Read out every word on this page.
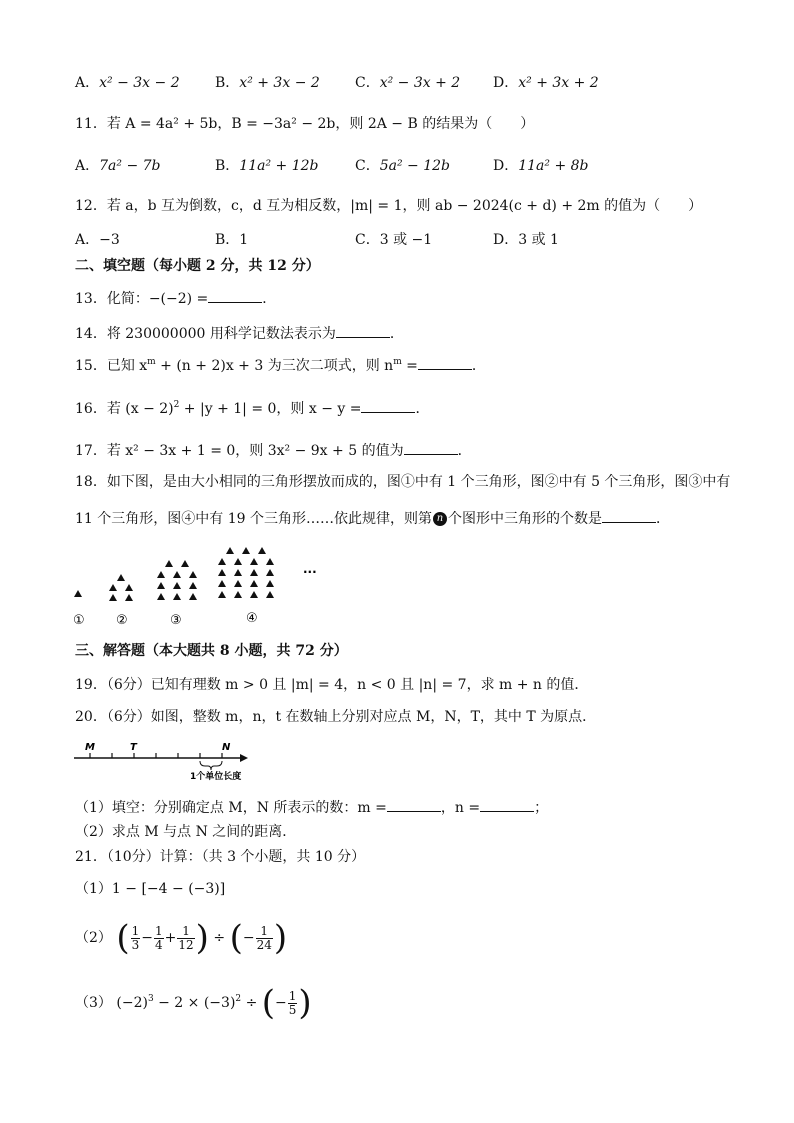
A．x² − 3x − 2	B．x² + 3x − 2	C．x² − 3x + 2 D．x² + 3x + 2
11．若 A = 4a² + 5b，B = −3a² − 2b，则 2A − B 的结果为（　　）
A．7a² − 7b	B．11a² + 12b	C．5a² − 12b	D．11a² + 8b
12．若 a，b 互为倒数，c，d 互为相反数，|m| = 1，则 ab − 2024(c + d) + 2m 的值为（　　）
A．−3	B．1	C．3 或 −1	D．3 或 1
二、填空题（每小题 2 分，共 12 分）
13．化简：−(−2) =	．
14．将 230000000 用科学记数法表示为	．
15．已知 $x^m + (n + 2)x + 3$ 为三次二项式，则 $n^m$ =	．
16．若 $(x - 2)^2 + |y + 1| = 0$，则 x − y =	．
17．若 x² − 3x + 1 = 0，则 3x² − 9x + 5 的值为	．
18．如下图，是由大小相同的三角形摆放而成的，图①中有 1 个三角形，图②中有 5 个三角形，图③中有
11 个三角形，图④中有 19 个三角形……依此规律，则第 n 个图形中三角形的个数是	．
···
① ②	③	④
三、解答题（本大题共 8 小题，共 72 分）
19．（6分）已知有理数 m > 0 且 |m| = 4，n < 0 且 |n| = 7，求 m + n 的值．
20．（6分）如图，整数 m，n，t 在数轴上分别对应点 M，N，T，其中 T 为原点．
M	T	N
1个单位长度
（1）填空：分别确定点 M，N 所表示的数：m =	，n =	；
（2）求点 M 与点 N 之间的距离．
21．（10分）计算：（共 3 个小题，共 10 分）
（1）1 − [−4 − (−3)]
（2） ( $\frac{1}{3} - \frac{1}{4} + \frac{1}{12}$ ) ÷ (− $\frac{1}{24}$ )
（3） $(-2)^3 - 2 \times (-3)^2$ ÷ (− $\frac{1}{5}$ )
